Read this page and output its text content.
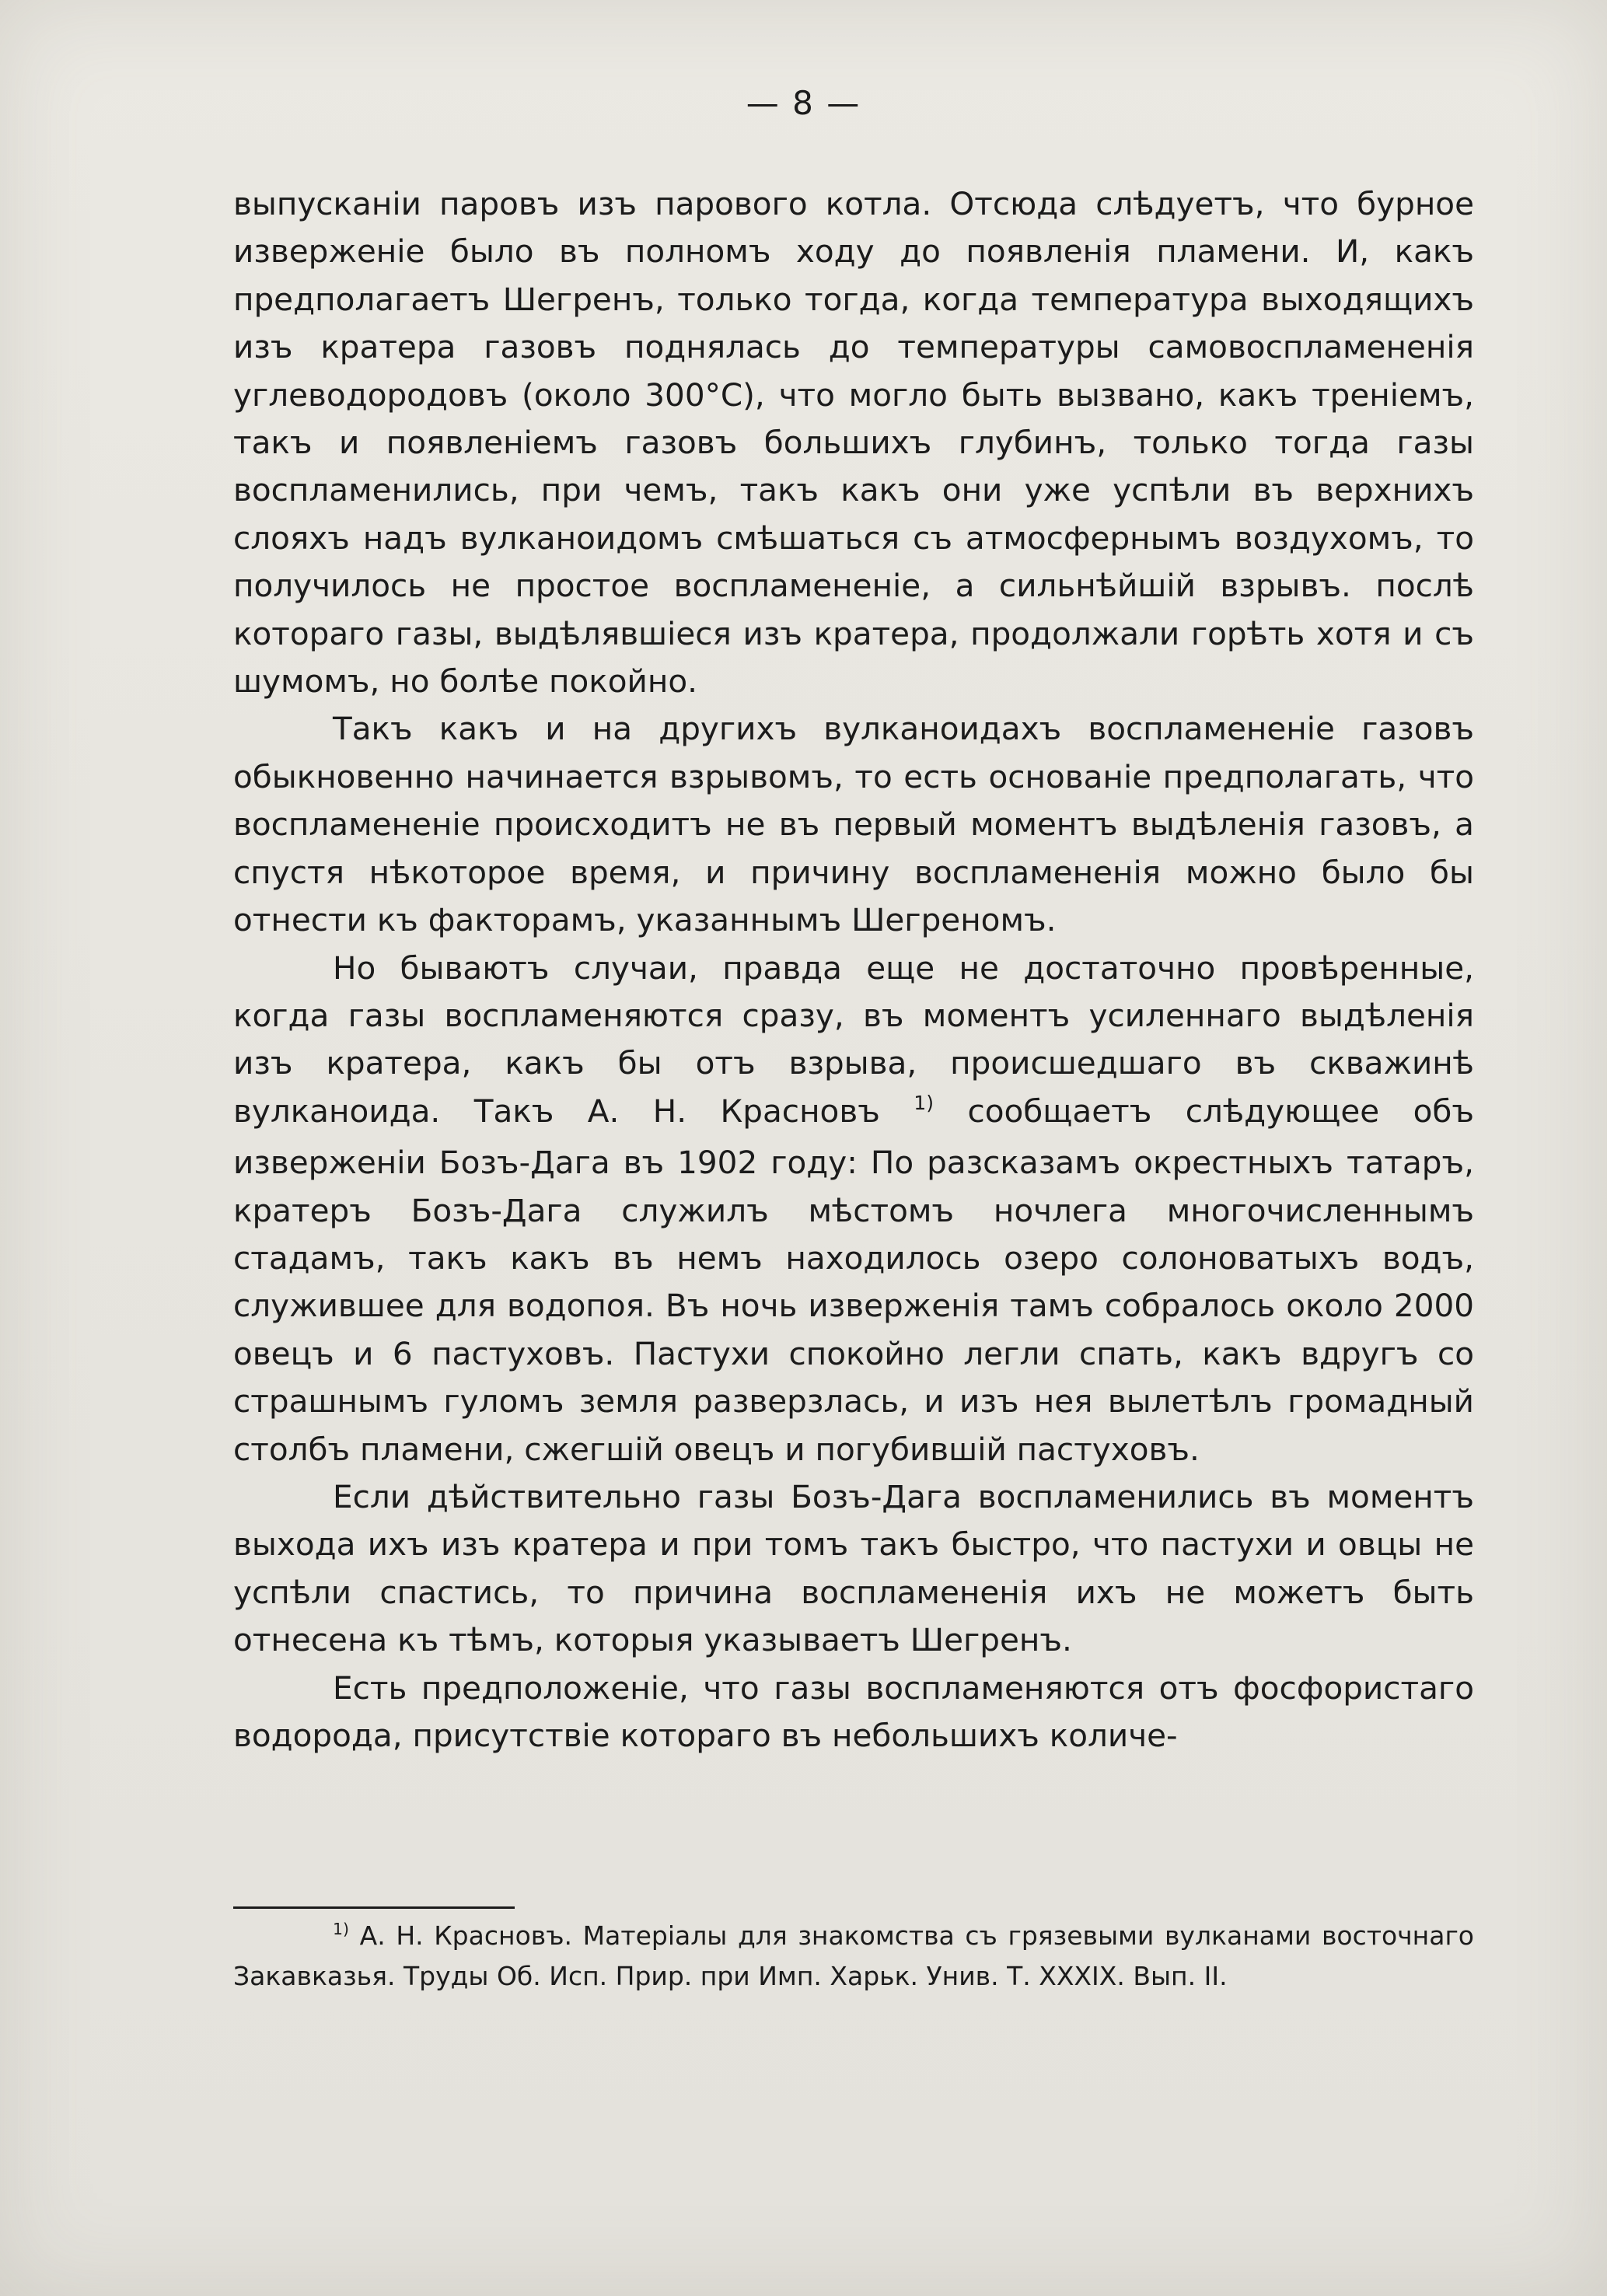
— 8 —

выпусканiи паровъ изъ парового котла. Отсюда слѣдуетъ, что бурное изверженiе было въ полномъ ходу до появленiя пламени. И, какъ предполагаетъ Шегренъ, только тогда, когда температура выходящихъ изъ кратера газовъ поднялась до температуры самовоспламененiя углеводородовъ (около 300°C), что могло быть вызвано, какъ тренiемъ, такъ и появленiемъ газовъ большихъ глубинъ, только тогда газы воспламенились, при чемъ, такъ какъ они уже успѣли въ верхнихъ слояхъ надъ вулканоидомъ смѣшаться съ атмосфернымъ воздухомъ, то получилось не простое воспламененiе, а сильнѣйшiй взрывъ. послѣ котораго газы, выдѣлявшiеся изъ кратера, продолжали горѣть хотя и съ шумомъ, но болѣе покойно.

Такъ какъ и на другихъ вулканоидахъ воспламененiе газовъ обыкновенно начинается взрывомъ, то есть основанiе предполагать, что воспламененiе происходитъ не въ первый моментъ выдѣленiя газовъ, а спустя нѣкоторое время, и причину воспламененiя можно было бы отнести къ факторамъ, указаннымъ Шегреномъ.

Но бываютъ случаи, правда еще не достаточно провѣренные, когда газы воспламеняются сразу, въ моментъ усиленнаго выдѣленiя изъ кратера, какъ бы отъ взрыва, происшедшаго въ скважинѣ вулканоида. Такъ А. Н. Красновъ $^{1)}$ сообщаетъ слѣдующее объ изверженiи Бозъ-Дага въ 1902 году: По разсказамъ окрестныхъ татаръ, кратеръ Бозъ-Дага служилъ мѣстомъ ночлега многочисленнымъ стадамъ, такъ какъ въ немъ находилось озеро солоноватыхъ водъ, служившее для водопоя. Въ ночь изверженiя тамъ собралось около 2000 овецъ и 6 пастуховъ. Пастухи спокойно легли спать, какъ вдругъ со страшнымъ гуломъ земля разверзлась, и изъ нея вылетѣлъ громадный столбъ пламени, сжегшiй овецъ и погубившiй пастуховъ.

Если дѣйствительно газы Бозъ-Дага воспламенились въ моментъ выхода ихъ изъ кратера и при томъ такъ быстро, что пастухи и овцы не успѣли спастись, то причина воспламененiя ихъ не можетъ быть отнесена къ тѣмъ, которыя указываетъ Шегренъ.

Есть предположенiе, что газы воспламеняются отъ фосфористаго водорода, присутствiе котораго въ небольшихъ количе-

$^{1)}$ А. Н. Красновъ. Матерiалы для знакомства съ грязевыми вулканами восточнаго Закавказья. Труды Об. Исп. Прир. при Имп. Харьк. Унив. Т. XXXIX. Вып. II.
